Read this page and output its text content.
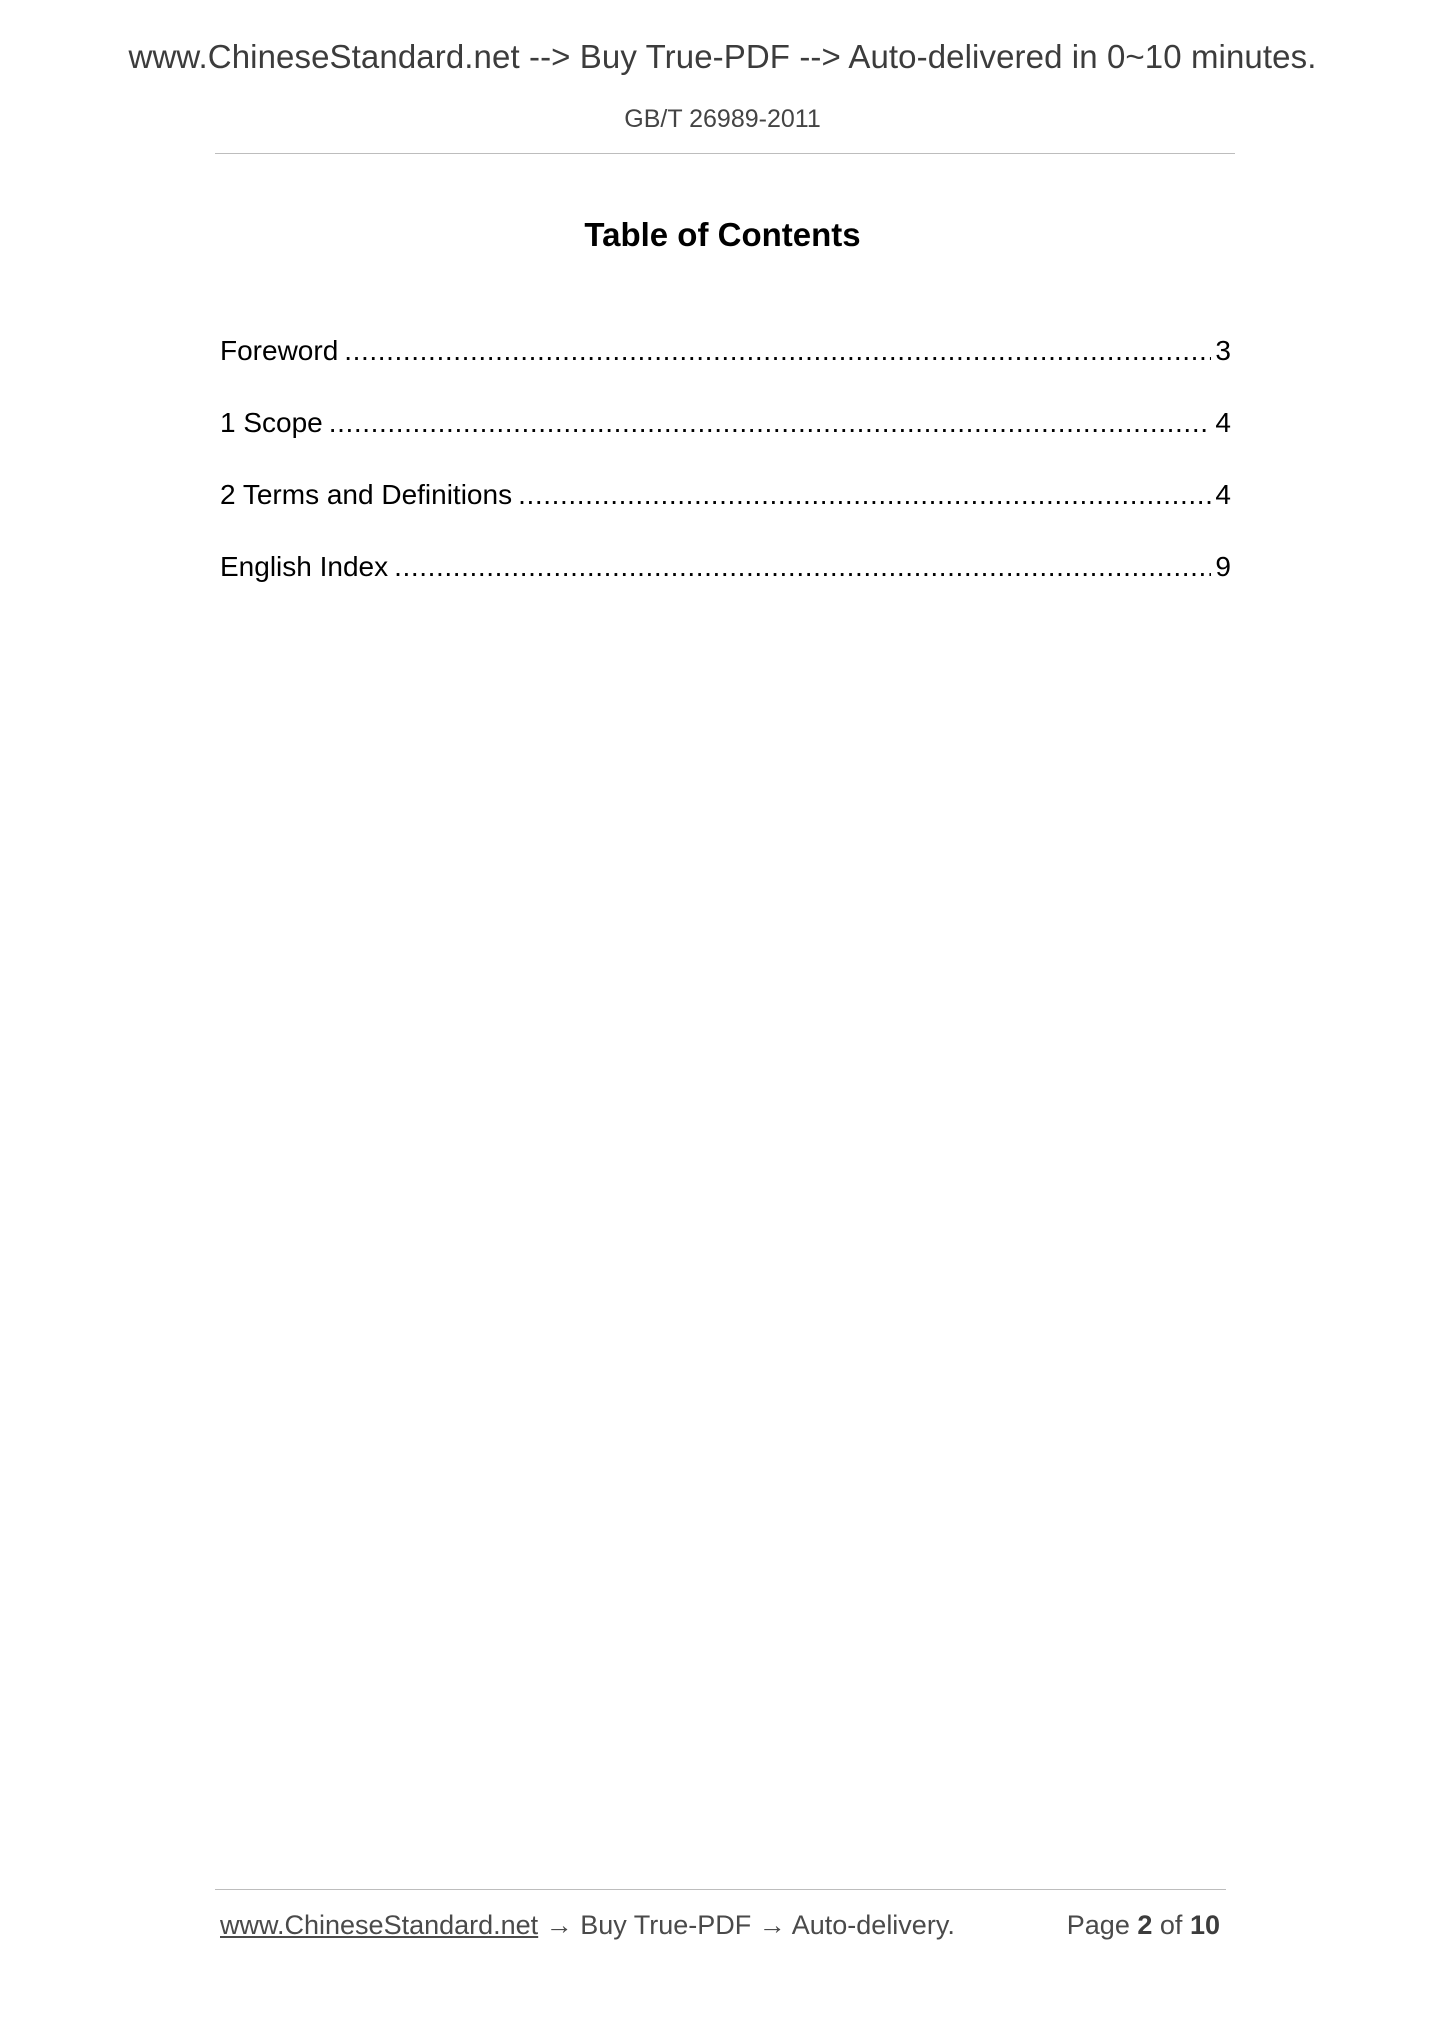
www.ChineseStandard.net --> Buy True-PDF --> Auto-delivered in 0~10 minutes.
GB/T 26989-2011
Table of Contents
Foreword .....	3
1 Scope .....	4
2 Terms and Definitions .....	4
English Index .....	9
www.ChineseStandard.net → Buy True-PDF → Auto-delivery.	Page 2 of 10
